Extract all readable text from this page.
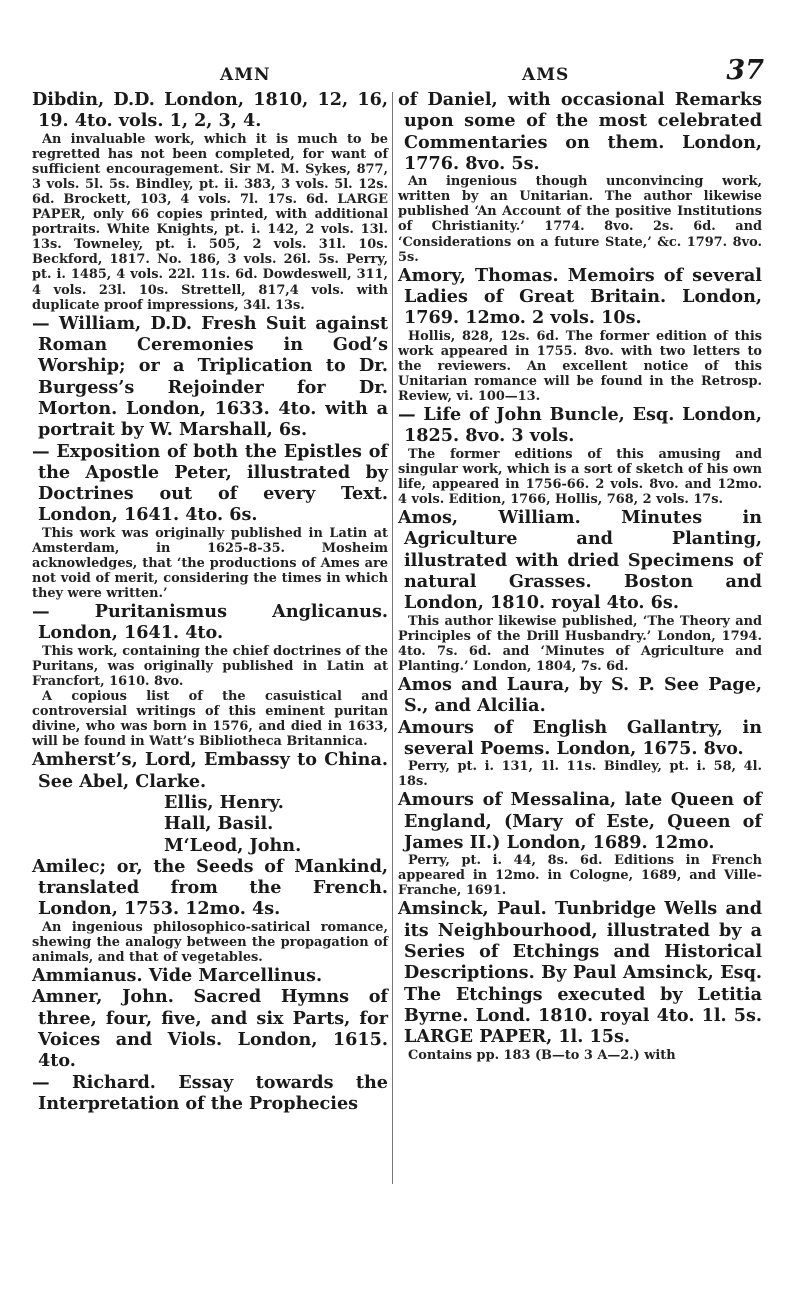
AMN	AMS	37

Dibdin, D.D. London, 1810, 12, 16, 19. 4to. vols. 1, 2, 3, 4.

An invaluable work, which it is much to be regretted has not been completed, for want of sufficient encouragement. Sir M. M. Sykes, 877, 3 vols. 5l. 5s. Bindley, pt. ii. 383, 3 vols. 5l. 12s. 6d. Brockett, 103, 4 vols. 7l. 17s. 6d. LARGE PAPER, only 66 copies printed, with additional portraits. White Knights, pt. i. 142, 2 vols. 13l. 13s. Towneley, pt. i. 505, 2 vols. 31l. 10s. Beckford, 1817. No. 186, 3 vols. 26l. 5s. Perry, pt. i. 1485, 4 vols. 22l. 11s. 6d. Dowdeswell, 311, 4 vols. 23l. 10s. Strettell, 817,4 vols. with duplicate proof impressions, 34l. 13s.

— William, D.D. Fresh Suit against Roman Ceremonies in God’s Worship; or a Triplication to Dr. Burgess’s Rejoinder for Dr. Morton. London, 1633. 4to. with a portrait by W. Marshall, 6s.

— Exposition of both the Epistles of the Apostle Peter, illustrated by Doctrines out of every Text. London, 1641. 4to. 6s.

This work was originally published in Latin at Amsterdam, in 1625-8-35. Mosheim acknowledges, that ‘the productions of Ames are not void of merit, considering the times in which they were written.’

— Puritanismus Anglicanus. London, 1641. 4to.

This work, containing the chief doctrines of the Puritans, was originally published in Latin at Francfort, 1610. 8vo.

A copious list of the casuistical and controversial writings of this eminent puritan divine, who was born in 1576, and died in 1633, will be found in Watt’s Bibliotheca Britannica.

Amherst’s, Lord, Embassy to China. See Abel, Clarke.

Ellis, Henry.

Hall, Basil.

M‘Leod, John.

Amilec; or, the Seeds of Mankind, translated from the French. London, 1753. 12mo. 4s.

An ingenious philosophico-satirical romance, shewing the analogy between the propagation of animals, and that of vegetables.

Ammianus. Vide Marcellinus.

Amner, John. Sacred Hymns of three, four, five, and six Parts, for Voices and Viols. London, 1615. 4to.

— Richard. Essay towards the Interpretation of the Prophecies

of Daniel, with occasional Remarks upon some of the most celebrated Commentaries on them. London, 1776. 8vo. 5s.

An ingenious though unconvincing work, written by an Unitarian. The author likewise published ‘An Account of the positive Institutions of Christianity.’ 1774. 8vo. 2s. 6d. and ‘Considerations on a future State,’ &c. 1797. 8vo. 5s.

Amory, Thomas. Memoirs of several Ladies of Great Britain. London, 1769. 12mo. 2 vols. 10s.

Hollis, 828, 12s. 6d. The former edition of this work appeared in 1755. 8vo. with two letters to the reviewers. An excellent notice of this Unitarian romance will be found in the Retrosp. Review, vi. 100—13.

— Life of John Buncle, Esq. London, 1825. 8vo. 3 vols.

The former editions of this amusing and singular work, which is a sort of sketch of his own life, appeared in 1756-66. 2 vols. 8vo. and 12mo. 4 vols. Edition, 1766, Hollis, 768, 2 vols. 17s.

Amos, William. Minutes in Agriculture and Planting, illustrated with dried Specimens of natural Grasses. Boston and London, 1810. royal 4to. 6s.

This author likewise published, ‘The Theory and Principles of the Drill Husbandry.’ London, 1794. 4to. 7s. 6d. and ‘Minutes of Agriculture and Planting.’ London, 1804, 7s. 6d.

Amos and Laura, by S. P. See Page, S., and Alcilia.

Amours of English Gallantry, in several Poems. London, 1675. 8vo.

Perry, pt. i. 131, 1l. 11s. Bindley, pt. i. 58, 4l. 18s.

Amours of Messalina, late Queen of England, (Mary of Este, Queen of James II.) London, 1689. 12mo.

Perry, pt. i. 44, 8s. 6d. Editions in French appeared in 12mo. in Cologne, 1689, and Ville-Franche, 1691.

Amsinck, Paul. Tunbridge Wells and its Neighbourhood, illustrated by a Series of Etchings and Historical Descriptions. By Paul Amsinck, Esq. The Etchings executed by Letitia Byrne. Lond. 1810. royal 4to. 1l. 5s. LARGE PAPER, 1l. 15s.

Contains pp. 183 (B—to 3 A—2.) with
